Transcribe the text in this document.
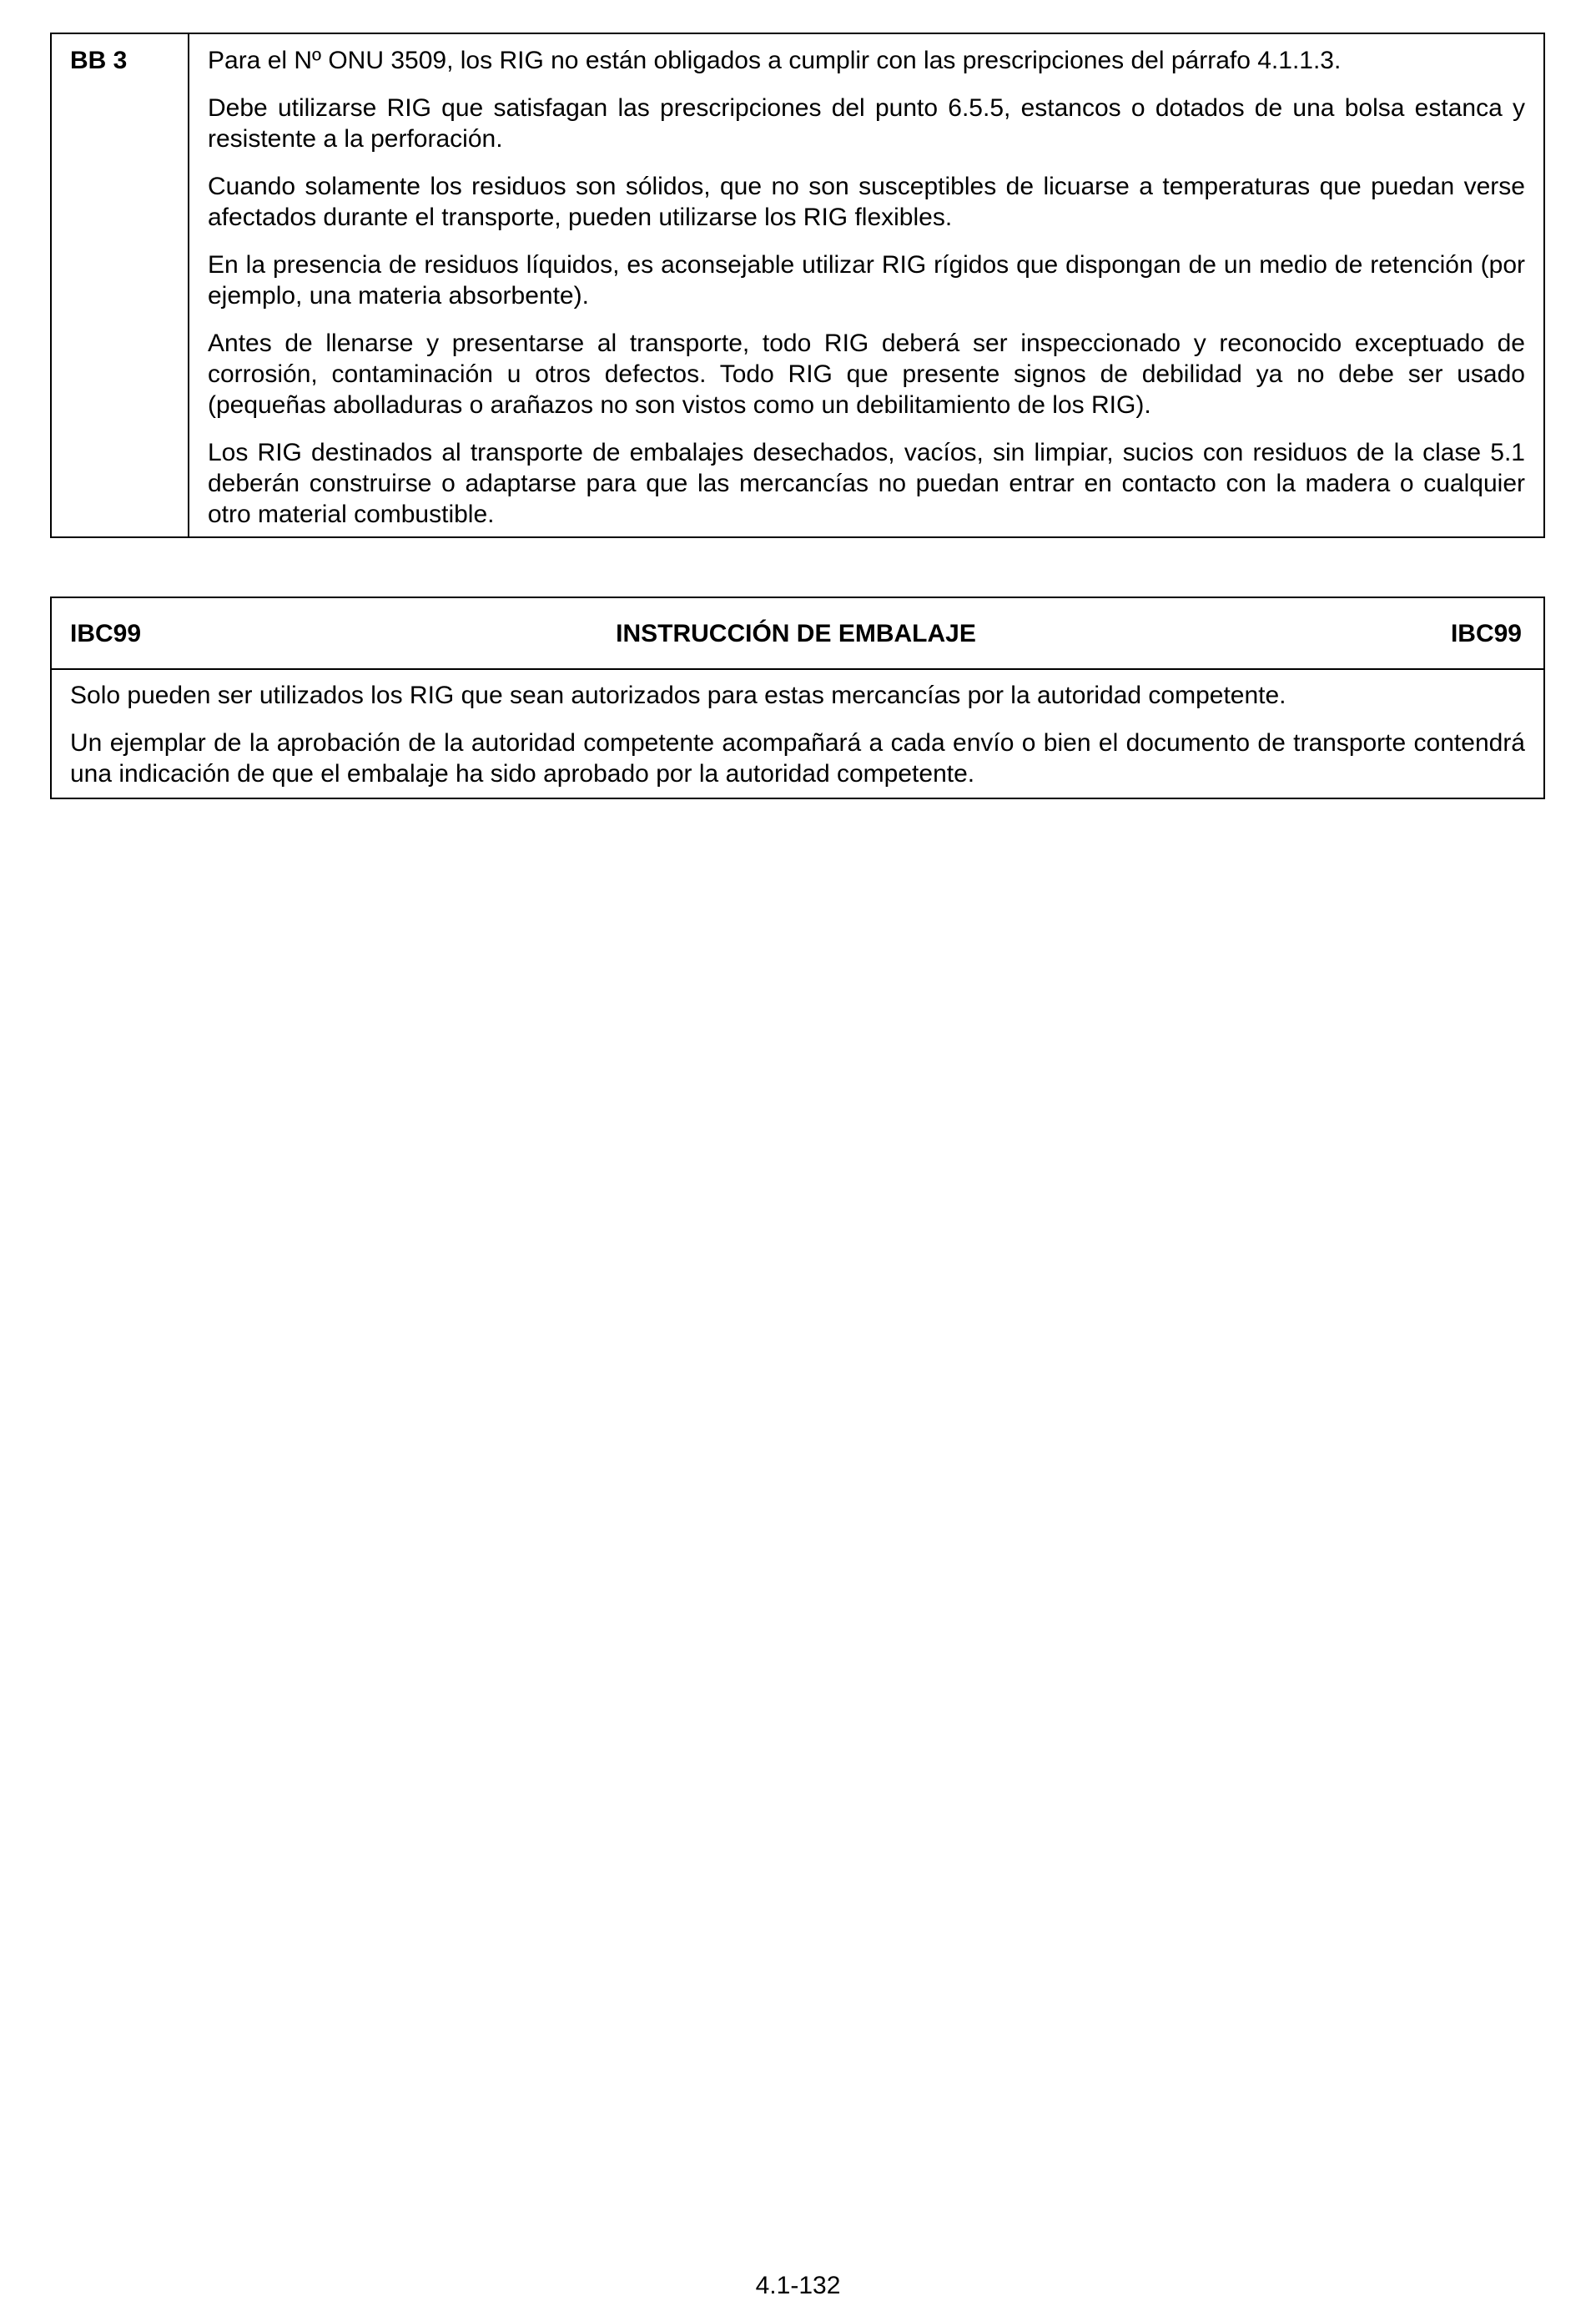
BB 3	Para el Nº ONU 3509, los RIG no están obligados a cumplir con las prescripciones del párrafo 4.1.1.3.

Debe utilizarse RIG que satisfagan las prescripciones del punto 6.5.5, estancos o dotados de una bolsa estanca y resistente a la perforación.

Cuando solamente los residuos son sólidos, que no son susceptibles de licuarse a temperaturas que puedan verse afectados durante el transporte, pueden utilizarse los RIG flexibles.

En la presencia de residuos líquidos, es aconsejable utilizar RIG rígidos que dispongan de un medio de retención (por ejemplo, una materia absorbente).

Antes de llenarse y presentarse al transporte, todo RIG deberá ser inspeccionado y reconocido exceptuado de corrosión, contaminación u otros defectos. Todo RIG que presente signos de debilidad ya no debe ser usado (pequeñas abolladuras o arañazos no son vistos como un debilitamiento de los RIG).

Los RIG destinados al transporte de embalajes desechados, vacíos, sin limpiar, sucios con residuos de la clase 5.1 deberán construirse o adaptarse para que las mercancías no puedan entrar en contacto con la madera o cualquier otro material combustible.

IBC99	INSTRUCCIÓN DE EMBALAJE	IBC99

Solo pueden ser utilizados los RIG que sean autorizados para estas mercancías por la autoridad competente.

Un ejemplar de la aprobación de la autoridad competente acompañará a cada envío o bien el documento de transporte contendrá una indicación de que el embalaje ha sido aprobado por la autoridad competente.

4.1-132
